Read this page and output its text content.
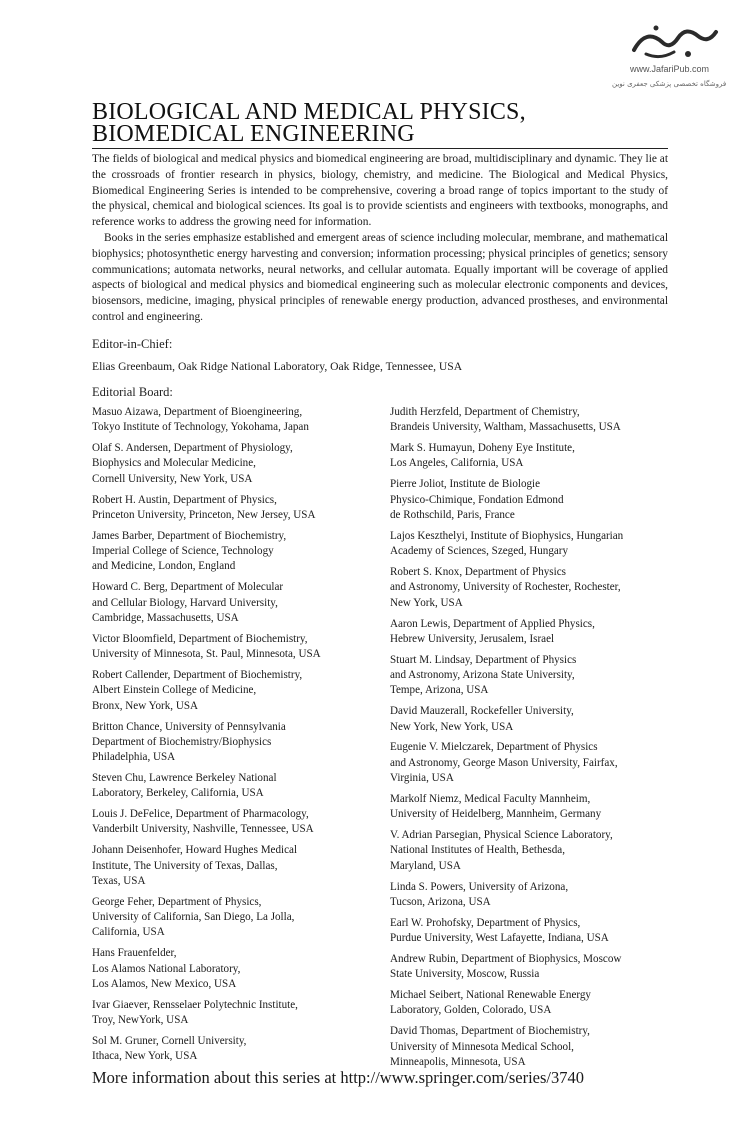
www.JafariPub.com
فروشگاه تخصصی پزشکی جعفری نوین
BIOLOGICAL AND MEDICAL PHYSICS,
BIOMEDICAL ENGINEERING

The fields of biological and medical physics and biomedical engineering are broad, multidisciplinary and dynamic. They lie at the crossroads of frontier research in physics, biology, chemistry, and medicine. The Biological and Medical Physics, Biomedical Engineering Series is intended to be comprehensive, covering a broad range of topics important to the study of the physical, chemical and biological sciences. Its goal is to provide scientists and engineers with textbooks, monographs, and reference works to address the growing need for information.

Books in the series emphasize established and emergent areas of science including molecular, membrane, and mathematical biophysics; photosynthetic energy harvesting and conversion; information processing; physical principles of genetics; sensory communications; automata networks, neural networks, and cellular automata. Equally important will be coverage of applied aspects of biological and medical physics and biomedical engineering such as molecular electronic components and devices, biosensors, medicine, imaging, physical principles of renewable energy production, advanced prostheses, and environmental control and engineering.

Editor-in-Chief:
Elias Greenbaum, Oak Ridge National Laboratory, Oak Ridge, Tennessee, USA
Editorial Board:
Masuo Aizawa, Department of Bioengineering,
Tokyo Institute of Technology, Yokohama, Japan
Olaf S. Andersen, Department of Physiology,
Biophysics and Molecular Medicine,
Cornell University, New York, USA
Robert H. Austin, Department of Physics,
Princeton University, Princeton, New Jersey, USA
James Barber, Department of Biochemistry,
Imperial College of Science, Technology
and Medicine, London, England
Howard C. Berg, Department of Molecular
and Cellular Biology, Harvard University,
Cambridge, Massachusetts, USA
Victor Bloomfield, Department of Biochemistry,
University of Minnesota, St. Paul, Minnesota, USA
Robert Callender, Department of Biochemistry,
Albert Einstein College of Medicine,
Bronx, New York, USA
Britton Chance, University of Pennsylvania
Department of Biochemistry/Biophysics
Philadelphia, USA
Steven Chu, Lawrence Berkeley National
Laboratory, Berkeley, California, USA
Louis J. DeFelice, Department of Pharmacology,
Vanderbilt University, Nashville, Tennessee, USA
Johann Deisenhofer, Howard Hughes Medical
Institute, The University of Texas, Dallas,
Texas, USA
George Feher, Department of Physics,
University of California, San Diego, La Jolla,
California, USA
Hans Frauenfelder,
Los Alamos National Laboratory,
Los Alamos, New Mexico, USA
Ivar Giaever, Rensselaer Polytechnic Institute,
Troy, NewYork, USA
Sol M. Gruner, Cornell University,
Ithaca, New York, USA
Judith Herzfeld, Department of Chemistry,
Brandeis University, Waltham, Massachusetts, USA
Mark S. Humayun, Doheny Eye Institute,
Los Angeles, California, USA
Pierre Joliot, Institute de Biologie
Physico-Chimique, Fondation Edmond
de Rothschild, Paris, France
Lajos Keszthelyi, Institute of Biophysics, Hungarian
Academy of Sciences, Szeged, Hungary
Robert S. Knox, Department of Physics
and Astronomy, University of Rochester, Rochester,
New York, USA
Aaron Lewis, Department of Applied Physics,
Hebrew University, Jerusalem, Israel
Stuart M. Lindsay, Department of Physics
and Astronomy, Arizona State University,
Tempe, Arizona, USA
David Mauzerall, Rockefeller University,
New York, New York, USA
Eugenie V. Mielczarek, Department of Physics
and Astronomy, George Mason University, Fairfax,
Virginia, USA
Markolf Niemz, Medical Faculty Mannheim,
University of Heidelberg, Mannheim, Germany
V. Adrian Parsegian, Physical Science Laboratory,
National Institutes of Health, Bethesda,
Maryland, USA
Linda S. Powers, University of Arizona,
Tucson, Arizona, USA
Earl W. Prohofsky, Department of Physics,
Purdue University, West Lafayette, Indiana, USA
Andrew Rubin, Department of Biophysics, Moscow
State University, Moscow, Russia
Michael Seibert, National Renewable Energy
Laboratory, Golden, Colorado, USA
David Thomas, Department of Biochemistry,
University of Minnesota Medical School,
Minneapolis, Minnesota, USA
More information about this series at http://www.springer.com/series/3740
